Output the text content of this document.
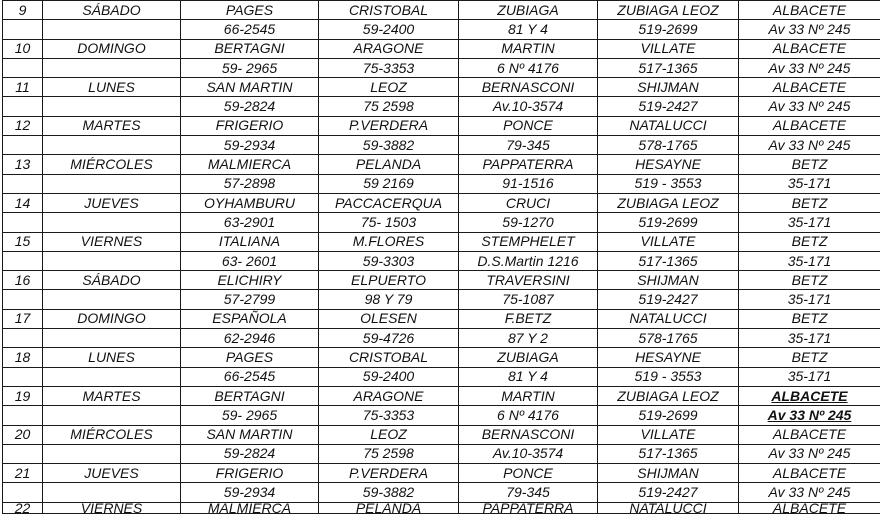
9	SÁBADO	PAGES	CRISTOBAL	ZUBIAGA	ZUBIAGA LEOZ	ALBACETE
		66-2545	59-2400	81 Y 4	519-2699	Av 33 Nº 245
10	DOMINGO	BERTAGNI	ARAGONE	MARTIN	VILLATE	ALBACETE
		59- 2965	75-3353	6 Nº 4176	517-1365	Av 33 Nº 245
11	LUNES	SAN MARTIN	LEOZ	BERNASCONI	SHIJMAN	ALBACETE
		59-2824	75 2598	Av.10-3574	519-2427	Av 33 Nº 245
12	MARTES	FRIGERIO	P.VERDERA	PONCE	NATALUCCI	ALBACETE
		59-2934	59-3882	79-345	578-1765	Av 33 Nº 245
13	MIÉRCOLES	MALMIERCA	PELANDA	PAPPATERRA	HESAYNE	BETZ
		57-2898	59 2169	91-1516	519 - 3553	35-171
14	JUEVES	OYHAMBURU	PACCACERQUA	CRUCI	ZUBIAGA LEOZ	BETZ
		63-2901	75- 1503	59-1270	519-2699	35-171
15	VIERNES	ITALIANA	M.FLORES	STEMPHELET	VILLATE	BETZ
		63- 2601	59-3303	D.S.Martin 1216	517-1365	35-171
16	SÁBADO	ELICHIRY	ELPUERTO	TRAVERSINI	SHIJMAN	BETZ
		57-2799	98 Y 79	75-1087	519-2427	35-171
17	DOMINGO	ESPAÑOLA	OLESEN	F.BETZ	NATALUCCI	BETZ
		62-2946	59-4726	87 Y 2	578-1765	35-171
18	LUNES	PAGES	CRISTOBAL	ZUBIAGA	HESAYNE	BETZ
		66-2545	59-2400	81 Y 4	519 - 3553	35-171
19	MARTES	BERTAGNI	ARAGONE	MARTIN	ZUBIAGA LEOZ	ALBACETE
		59- 2965	75-3353	6 Nº 4176	519-2699	Av 33 Nº 245
20	MIÉRCOLES	SAN MARTIN	LEOZ	BERNASCONI	VILLATE	ALBACETE
		59-2824	75 2598	Av.10-3574	517-1365	Av 33 Nº 245
21	JUEVES	FRIGERIO	P.VERDERA	PONCE	SHIJMAN	ALBACETE
		59-2934	59-3882	79-345	519-2427	Av 33 Nº 245
22	VIERNES	MALMIERCA	PELANDA	PAPPATERRA	NATALUCCI	ALBACETE
